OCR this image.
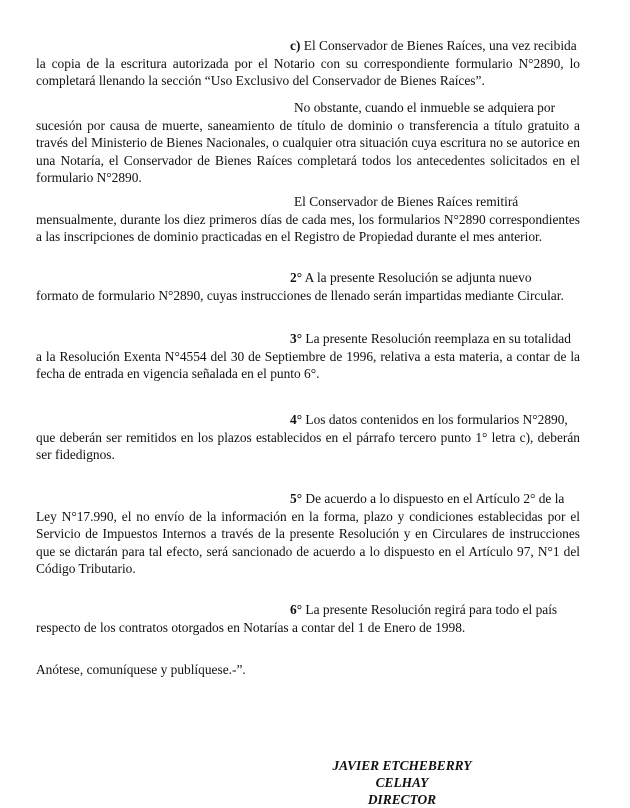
c) El Conservador de Bienes Raíces, una vez recibida
la copia de la escritura autorizada por el Notario con su correspondiente formulario N°2890, lo completará llenando la sección “Uso Exclusivo del Conservador de Bienes Raíces”.
No obstante, cuando el inmueble se adquiera por
sucesión por causa de muerte, saneamiento de título de dominio o transferencia a título gratuito a través del Ministerio de Bienes Nacionales, o cualquier otra situación cuya escritura no se autorice en una Notaría, el Conservador de Bienes Raíces completará todos los antecedentes solicitados en el formulario N°2890.
El Conservador de Bienes Raíces remitirá
mensualmente, durante los diez primeros días de cada mes, los formularios N°2890 correspondientes a las inscripciones de dominio practicadas en el Registro de Propiedad durante el mes anterior.
2° A la presente Resolución se adjunta nuevo
formato de formulario N°2890, cuyas instrucciones de llenado serán impartidas mediante Circular.
3° La presente Resolución reemplaza en su totalidad
a la Resolución Exenta N°4554 del 30 de Septiembre de 1996, relativa a esta materia, a contar de la fecha de entrada en vigencia señalada en el punto 6°.
4° Los datos contenidos en los formularios N°2890,
que deberán ser remitidos en los plazos establecidos en el párrafo tercero punto 1° letra c), deberán ser fidedignos.
5° De acuerdo a lo dispuesto en el Artículo 2° de la
Ley N°17.990, el no envío de la información en la forma, plazo y condiciones establecidas por el Servicio de Impuestos Internos a través de la presente Resolución y en Circulares de instrucciones que se dictarán para tal efecto, será sancionado de acuerdo a lo dispuesto en el Artículo 97, N°1 del Código Tributario.
6° La presente Resolución regirá para todo el país
respecto de los contratos otorgados en Notarías a contar del 1 de Enero de 1998.
Anótese, comuníquese y publíquese.-”.
JAVIER ETCHEBERRY CELHAY
DIRECTOR
